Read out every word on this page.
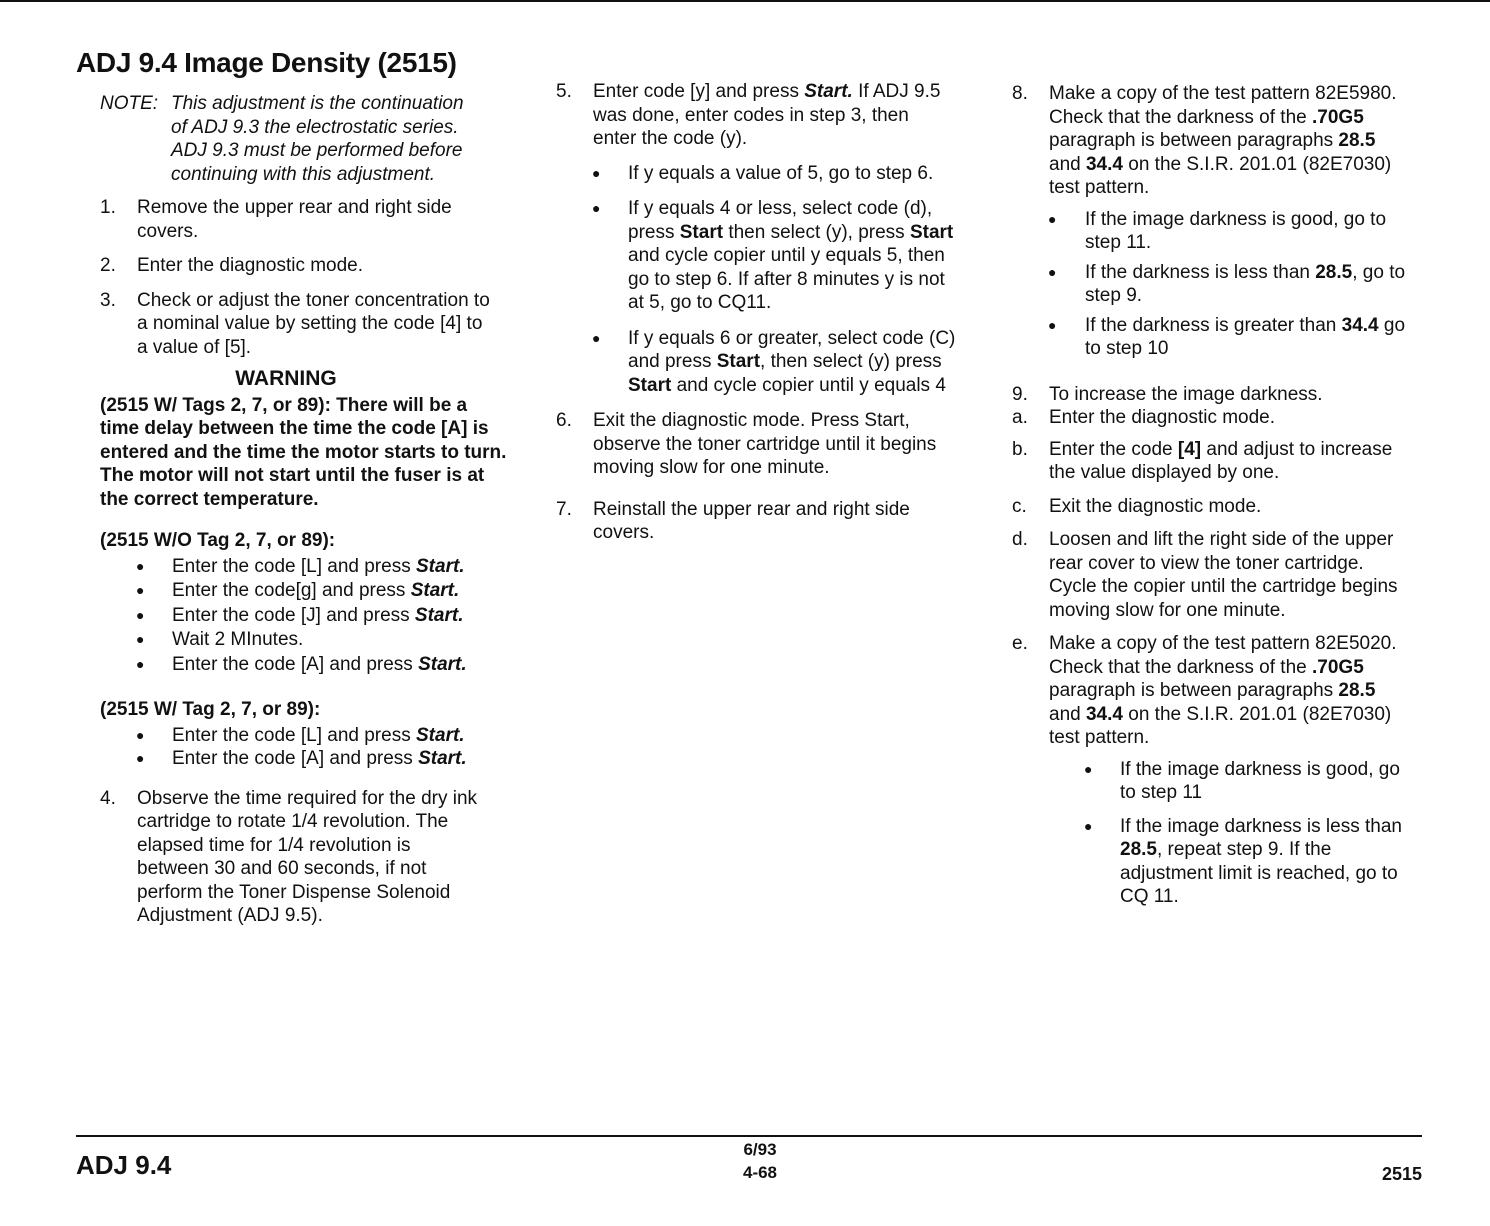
ADJ 9.4 Image Density (2515)
NOTE: This adjustment is the continuation of ADJ 9.3 the electrostatic series. ADJ 9.3 must be performed before continuing with this adjustment.
1.	Remove the upper rear and right side covers.
2.	Enter the diagnostic mode.
3.	Check or adjust the toner concentration to a nominal value by setting the code [4] to a value of [5].
WARNING
(2515 W/ Tags 2, 7, or 89): There will be a time delay between the time the code [A] is entered and the time the motor starts to turn. The motor will not start until the fuser is at the correct temperature.
(2515 W/O Tag 2, 7, or 89):
●	Enter the code [L] and press Start.
●	Enter the code[g] and press Start.
●	Enter the code [J] and press Start.
●	Wait 2 MInutes.
●	Enter the code [A] and press Start.
(2515 W/ Tag 2, 7, or 89):
●	Enter the code [L] and press Start.
●	Enter the code [A] and press Start.
4.	Observe the time required for the dry ink cartridge to rotate 1/4 revolution. The elapsed time for 1/4 revolution is between 30 and 60 seconds, if not perform the Toner Dispense Solenoid Adjustment (ADJ 9.5).
5.	Enter code [y] and press Start. If ADJ 9.5 was done, enter codes in step 3, then enter the code (y).
●	If y equals a value of 5, go to step 6.
●	If y equals 4 or less, select code (d), press Start then select (y), press Start and cycle copier until y equals 5, then go to step 6. If after 8 minutes y is not at 5, go to CQ11.
●	If y equals 6 or greater, select code (C) and press Start, then select (y) press Start and cycle copier until y equals 4
6.	Exit the diagnostic mode. Press Start, observe the toner cartridge until it begins moving slow for one minute.
7.	Reinstall the upper rear and right side covers.
8.	Make a copy of the test pattern 82E5980. Check that the darkness of the .70G5 paragraph is between paragraphs 28.5 and 34.4 on the S.I.R. 201.01 (82E7030) test pattern.
●	If the image darkness is good, go to step 11.
●	If the darkness is less than 28.5, go to step 9.
●	If the darkness is greater than 34.4 go to step 10
9.	To increase the image darkness.
a.	Enter the diagnostic mode.
b.	Enter the code [4] and adjust to increase the value displayed by one.
c.	Exit the diagnostic mode.
d.	Loosen and lift the right side of the upper rear cover to view the toner cartridge. Cycle the copier until the cartridge begins moving slow for one minute.
e.	Make a copy of the test pattern 82E5020. Check that the darkness of the .70G5 paragraph is between paragraphs 28.5 and 34.4 on the S.I.R. 201.01 (82E7030) test pattern.
●	If the image darkness is good, go to step 11
●	If the image darkness is less than 28.5, repeat step 9. If the adjustment limit is reached, go to CQ 11.
ADJ 9.4
6/93
4-68	2515
